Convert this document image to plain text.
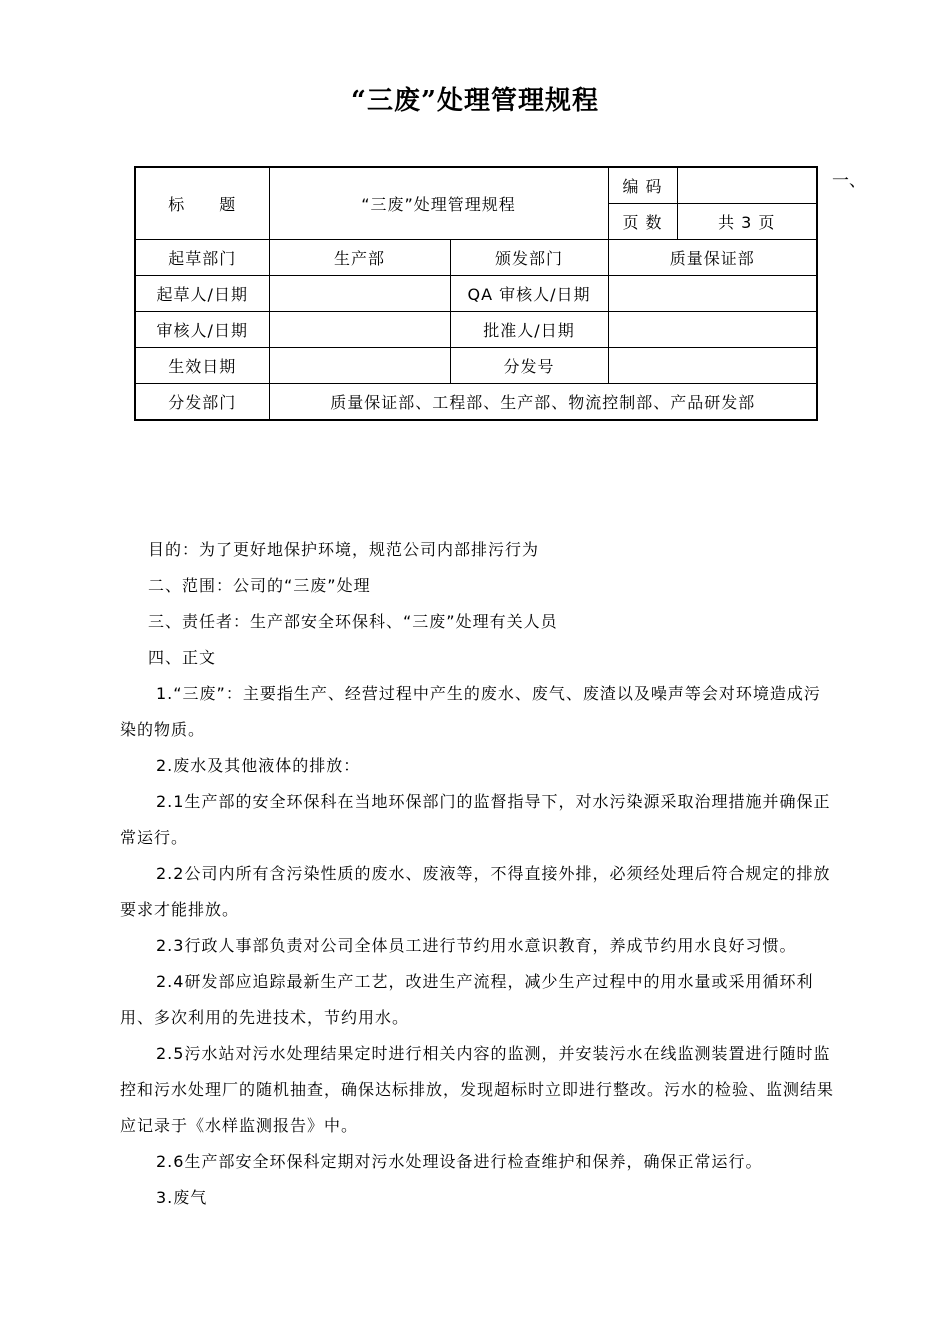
“三废”处理管理规程
标　　题	“三废”处理管理规程		编 码	
			页 数	共 3 页
起草部门	生产部	颁发部门	质量保证部	
起草人/日期		QA 审核人/日期		
审核人/日期		批准人/日期		
生效日期		分发号		
分发部门	质量保证部、工程部、生产部、物流控制部、产品研发部			
一、

目的：为了更好地保护环境，规范公司内部排污行为

二、范围：公司的“三废”处理

三、责任者：生产部安全环保科、“三废”处理有关人员

四、正文

1.“三废”：主要指生产、经营过程中产生的废水、废气、废渣以及噪声等会对环境造成污染的物质。

2.废水及其他液体的排放：

2.1生产部的安全环保科在当地环保部门的监督指导下，对水污染源采取治理措施并确保正常运行。

2.2公司内所有含污染性质的废水、废液等，不得直接外排，必须经处理后符合规定的排放要求才能排放。

2.3行政人事部负责对公司全体员工进行节约用水意识教育，养成节约用水良好习惯。

2.4研发部应追踪最新生产工艺，改进生产流程，减少生产过程中的用水量或采用循环利用、多次利用的先进技术，节约用水。

2.5污水站对污水处理结果定时进行相关内容的监测，并安装污水在线监测装置进行随时监控和污水处理厂的随机抽查，确保达标排放，发现超标时立即进行整改。污水的检验、监测结果应记录于《水样监测报告》中。

2.6生产部安全环保科定期对污水处理设备进行检查维护和保养，确保正常运行。

3.废气
